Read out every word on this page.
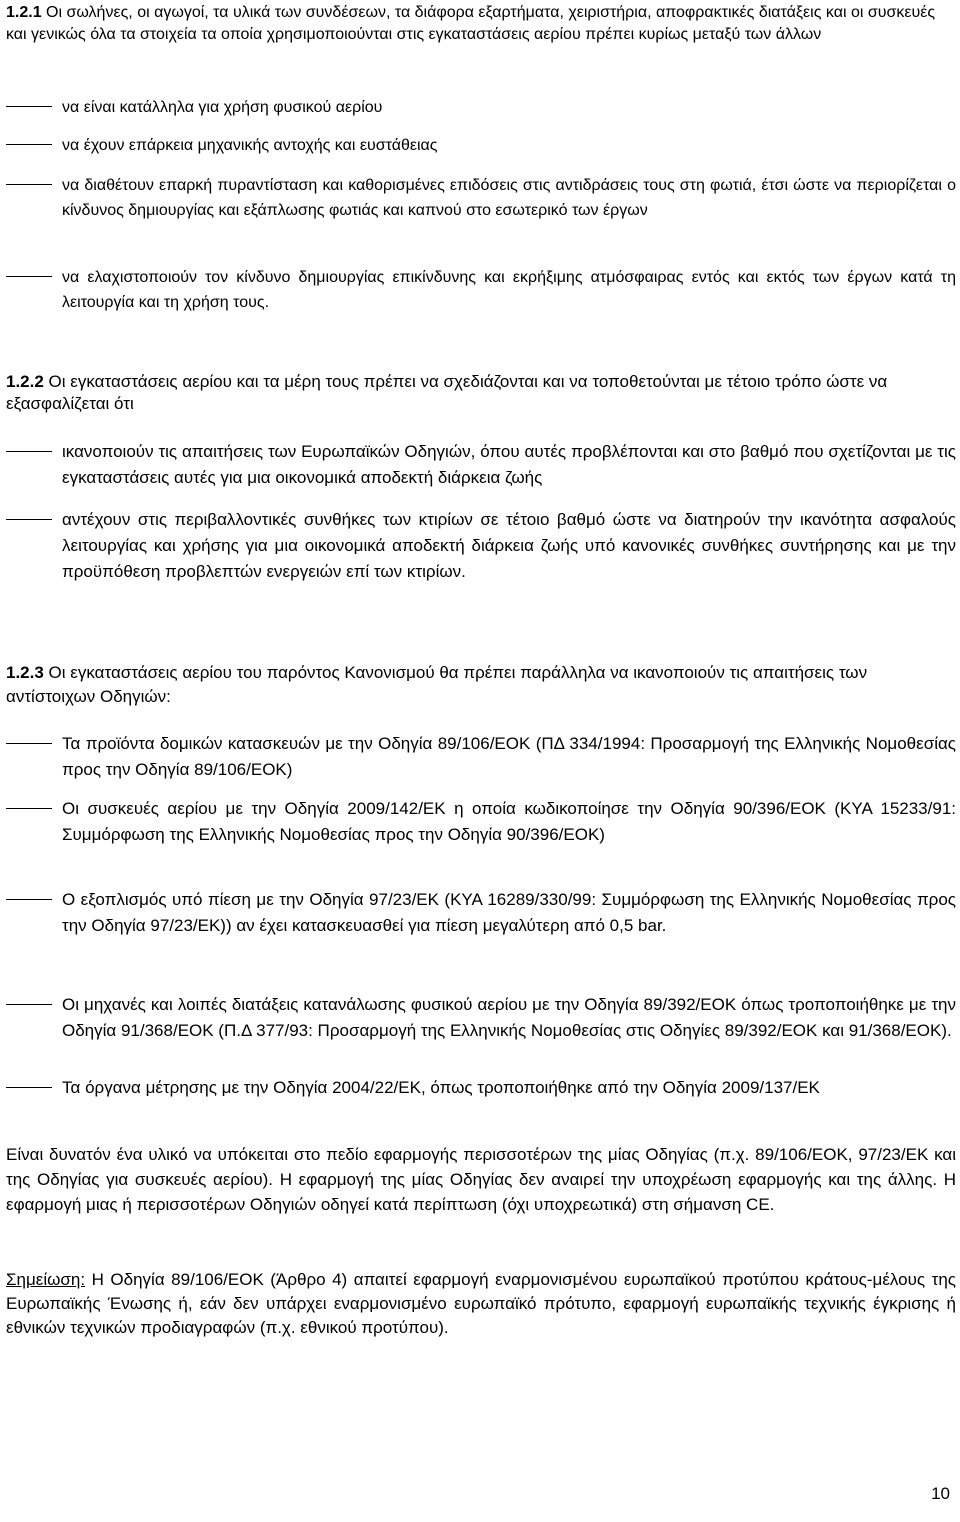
1.2.1 Οι σωλήνες, οι αγωγοί, τα υλικά των συνδέσεων, τα διάφορα εξαρτήματα, χειριστήρια, αποφρακτικές διατάξεις και οι συσκευές και γενικώς όλα τα στοιχεία τα οποία χρησιμοποιούνται στις εγκαταστάσεις αερίου πρέπει κυρίως μεταξύ των άλλων

να είναι κατάλληλα για χρήση φυσικού αερίου

να έχουν επάρκεια μηχανικής αντοχής και ευστάθειας

να διαθέτουν επαρκή πυραντίσταση και καθορισμένες επιδόσεις στις αντιδράσεις τους στη φωτιά, έτσι ώστε να περιορίζεται ο κίνδυνος δημιουργίας και εξάπλωσης φωτιάς και καπνού στο εσωτερικό των έργων

να ελαχιστοποιούν τον κίνδυνο δημιουργίας επικίνδυνης και εκρήξιμης ατμόσφαιρας εντός και εκτός των έργων κατά τη λειτουργία και τη χρήση τους.

1.2.2 Οι εγκαταστάσεις αερίου και τα μέρη τους πρέπει να σχεδιάζονται και να τοποθετούνται με τέτοιο τρόπο ώστε να εξασφαλίζεται ότι

ικανοποιούν τις απαιτήσεις των Ευρωπαϊκών Οδηγιών, όπου αυτές προβλέπονται και στο βαθμό που σχετίζονται με τις εγκαταστάσεις αυτές για μια οικονομικά αποδεκτή διάρκεια ζωής

αντέχουν στις περιβαλλοντικές συνθήκες των κτιρίων σε τέτοιο βαθμό ώστε να διατηρούν την ικανότητα ασφαλούς λειτουργίας και χρήσης για μια οικονομικά αποδεκτή διάρκεια ζωής υπό κανονικές συνθήκες συντήρησης και με την προϋπόθεση προβλεπτών ενεργειών επί των κτιρίων.

1.2.3 Οι εγκαταστάσεις αερίου του παρόντος Κανονισμού θα πρέπει παράλληλα να ικανοποιούν τις απαιτήσεις των αντίστοιχων Οδηγιών:

Τα προϊόντα δομικών κατασκευών με την Οδηγία 89/106/ΕΟΚ (ΠΔ 334/1994: Προσαρμογή της Ελληνικής Νομοθεσίας προς την Οδηγία 89/106/ΕΟΚ)

Οι συσκευές αερίου με την Οδηγία 2009/142/ΕΚ η οποία κωδικοποίησε την Οδηγία 90/396/ΕΟΚ (ΚΥΑ 15233/91: Συμμόρφωση της Ελληνικής Νομοθεσίας προς την Οδηγία 90/396/ΕΟΚ)

Ο εξοπλισμός υπό πίεση με την Οδηγία 97/23/ΕΚ (ΚΥΑ 16289/330/99: Συμμόρφωση της Ελληνικής Νομοθεσίας προς την Οδηγία 97/23/ΕΚ)) αν έχει κατασκευασθεί για πίεση μεγαλύτερη από 0,5 bar.

Οι μηχανές και λοιπές διατάξεις κατανάλωσης φυσικού αερίου με την Οδηγία 89/392/ΕΟΚ όπως τροποποιήθηκε με την Οδηγία 91/368/ΕΟΚ (Π.Δ 377/93: Προσαρμογή της Ελληνικής Νομοθεσίας στις Οδηγίες 89/392/ΕΟΚ και 91/368/ΕΟΚ).

Τα όργανα μέτρησης με την Οδηγία 2004/22/ΕΚ, όπως τροποποιήθηκε από την Οδηγία 2009/137/ΕΚ

Είναι δυνατόν ένα υλικό να υπόκειται στο πεδίο εφαρμογής περισσοτέρων της μίας Οδηγίας (π.χ. 89/106/ΕΟΚ, 97/23/ΕΚ και της Οδηγίας για συσκευές αερίου). Η εφαρμογή της μίας Οδηγίας δεν αναιρεί την υποχρέωση εφαρμογής και της άλλης. Η εφαρμογή μιας ή περισσοτέρων Οδηγιών οδηγεί κατά περίπτωση (όχι υποχρεωτικά) στη σήμανση CE.

Σημείωση: Η Οδηγία 89/106/ΕΟΚ (Άρθρο 4) απαιτεί εφαρμογή εναρμονισμένου ευρωπαϊκού προτύπου κράτους-μέλους της Ευρωπαϊκής Ένωσης ή, εάν δεν υπάρχει εναρμονισμένο ευρωπαϊκό πρότυπο, εφαρμογή ευρωπαϊκής τεχνικής έγκρισης ή εθνικών τεχνικών προδιαγραφών (π.χ. εθνικού προτύπου).

10
